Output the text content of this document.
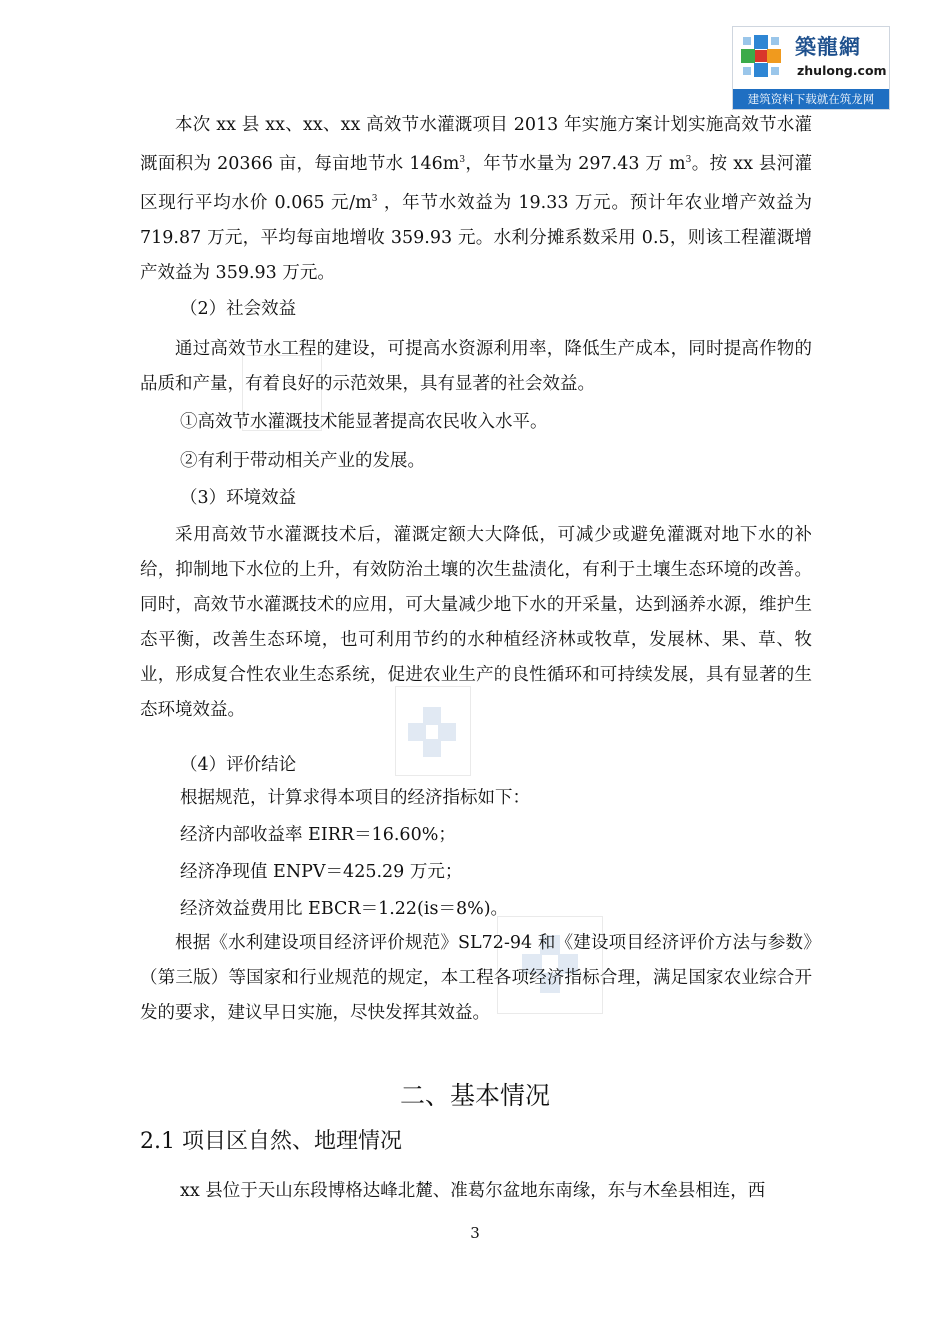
築龍網
zhulong.com
建筑资料下载就在筑龙网

本次 xx 县 xx、xx、xx 高效节水灌溉项目 2013 年实施方案计划实施高效节水灌溉面积为 20366 亩，每亩地节水 $146m^3$，年节水量为 297.43 万 $m^3$。按 xx 县河灌区现行平均水价 0.065 元$/m^3$ ，年节水效益为 19.33 万元。预计年农业增产效益为 719.87 万元，平均每亩地增收 359.93 元。水利分摊系数采用 0.5，则该工程灌溉增产效益为 359.93 万元。

（2）社会效益

通过高效节水工程的建设，可提高水资源利用率，降低生产成本，同时提高作物的品质和产量，有着良好的示范效果，具有显著的社会效益。

①高效节水灌溉技术能显著提高农民收入水平。

②有利于带动相关产业的发展。

（3）环境效益

采用高效节水灌溉技术后，灌溉定额大大降低，可减少或避免灌溉对地下水的补给，抑制地下水位的上升，有效防治土壤的次生盐渍化，有利于土壤生态环境的改善。同时，高效节水灌溉技术的应用，可大量减少地下水的开采量，达到涵养水源，维护生态平衡，改善生态环境，也可利用节约的水种植经济林或牧草，发展林、果、草、牧业，形成复合性农业生态系统，促进农业生产的良性循环和可持续发展，具有显著的生态环境效益。

（4）评价结论

根据规范，计算求得本项目的经济指标如下：

经济内部收益率 EIRR＝16.60%；

经济净现值 ENPV＝425.29 万元；

经济效益费用比 EBCR＝1.22(is＝8%)。

根据《水利建设项目经济评价规范》SL72-94 和《建设项目经济评价方法与参数》（第三版）等国家和行业规范的规定，本工程各项经济指标合理，满足国家农业综合开发的要求，建议早日实施，尽快发挥其效益。

二、基本情况
2.1 项目区自然、地理情况

xx 县位于天山东段博格达峰北麓、准葛尔盆地东南缘，东与木垒县相连，西

3
